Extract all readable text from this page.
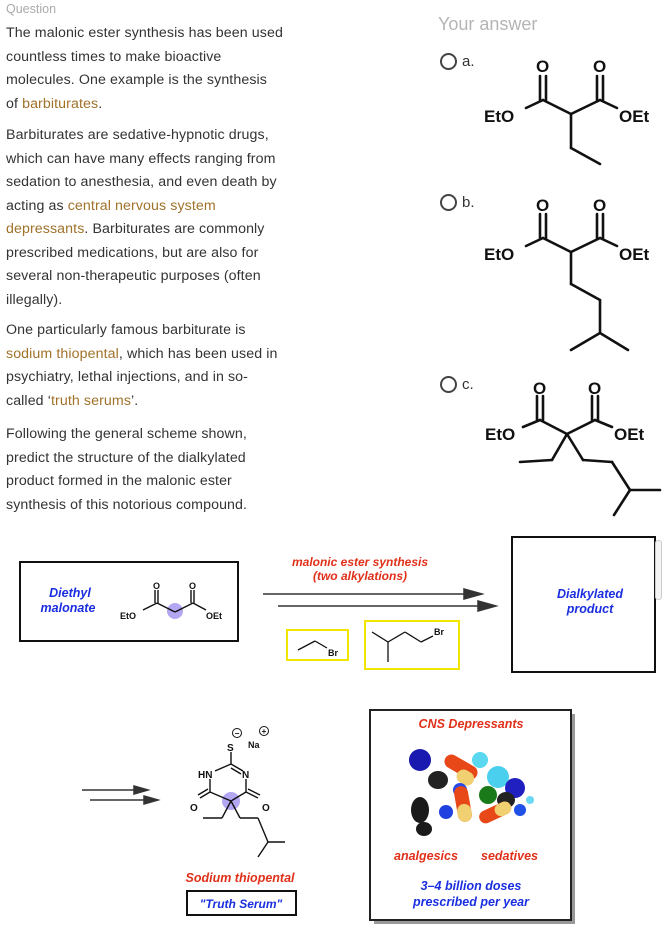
Question
The malonic ester synthesis has been used
countless times to make bioactive
molecules. One example is the synthesis
of barbiturates.
Barbiturates are sedative-hypnotic drugs,
which can have many effects ranging from
sedation to anesthesia, and even death by
acting as central nervous system
depressants. Barbiturates are commonly
prescribed medications, but are also for
several non-therapeutic purposes (often
illegally).
One particularly famous barbiturate is
sodium thiopental, which has been used in
psychiatry, lethal injections, and in so-
called ‘truth serums’.
Following the general scheme shown,
predict the structure of the dialkylated
product formed in the malonic ester
synthesis of this notorious compound.
Your answer
a.
b.
c.
O	O
EtO	OEt
O	O
EtO	OEt
O O
EtO	OEt
Diethyl
malonate
O	O
EtO	OEt
malonic ester synthesis
(two alkylations)
Br
Br
Dialkylated
product
S
−
Na
+
HN	N
O	O
Sodium thiopental
"Truth Serum"
CNS Depressants
analgesics sedatives
3–4 billion doses
prescribed per year
